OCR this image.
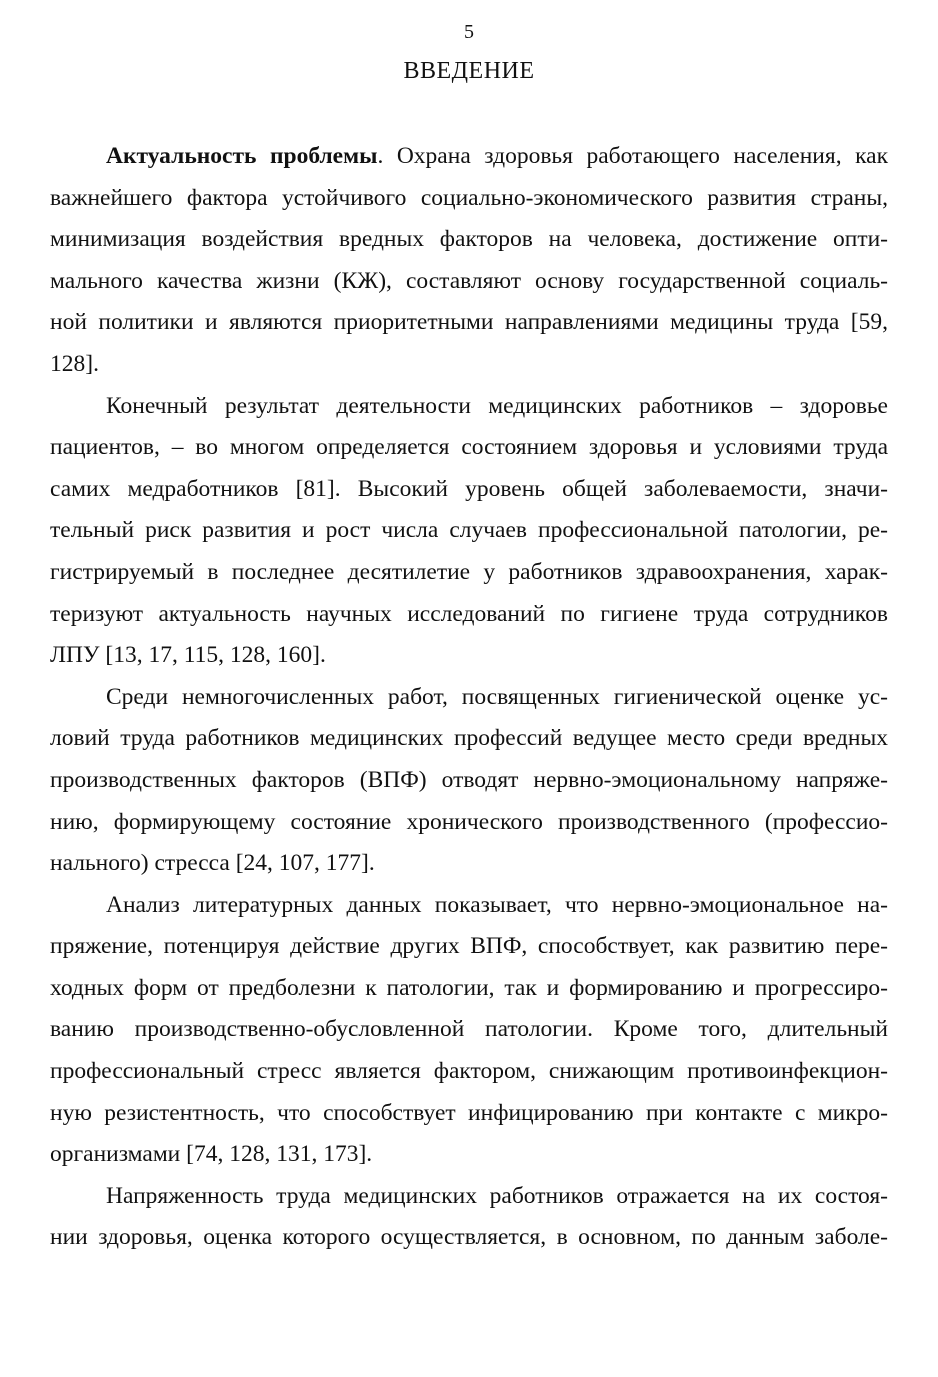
5
ВВЕДЕНИЕ
Актуальность проблемы. Охрана здоровья работающего населения, как
важнейшего фактора устойчивого социально-экономического развития страны,
минимизация воздействия вредных факторов на человека, достижение опти-
мального качества жизни (КЖ), составляют основу государственной социаль-
ной политики и являются приоритетными направлениями медицины труда [59,
128].
Конечный результат деятельности медицинских работников – здоровье
пациентов, – во многом определяется состоянием здоровья и условиями труда
самих медработников [81]. Высокий уровень общей заболеваемости, значи-
тельный риск развития и рост числа случаев профессиональной патологии, ре-
гистрируемый в последнее десятилетие у работников здравоохранения, харак-
теризуют актуальность научных исследований по гигиене труда сотрудников
ЛПУ [13, 17, 115, 128, 160].
Среди немногочисленных работ, посвященных гигиенической оценке ус-
ловий труда работников медицинских профессий ведущее место среди вредных
производственных факторов (ВПФ) отводят нервно-эмоциональному напряже-
нию, формирующему состояние хронического производственного (профессио-
нального) стресса [24, 107, 177].
Анализ литературных данных показывает, что нервно-эмоциональное на-
пряжение, потенцируя действие других ВПФ, способствует, как развитию пере-
ходных форм от предболезни к патологии, так и формированию и прогрессиро-
ванию производственно-обусловленной патологии. Кроме того, длительный
профессиональный стресс является фактором, снижающим противоинфекцион-
ную резистентность, что способствует инфицированию при контакте с микро-
организмами [74, 128, 131, 173].
Напряженность труда медицинских работников отражается на их состоя-
нии здоровья, оценка которого осуществляется, в основном, по данным заболе-
